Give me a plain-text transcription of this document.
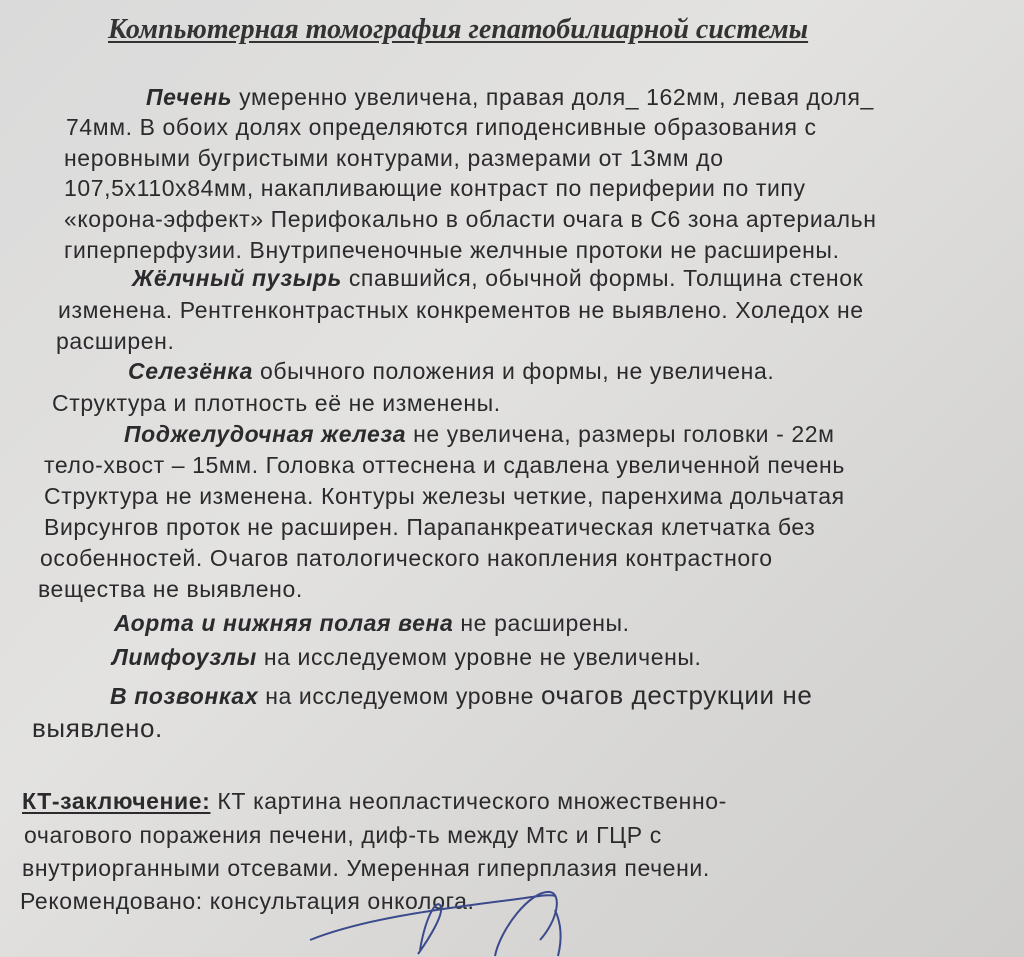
Компьютерная томография гепатобилиарной системы
Печень умеренно увеличена, правая доля_ 162мм, левая доля_
74мм. В обоих долях определяются гиподенсивные образования с
неровными бугристыми контурами, размерами от 13мм до
107,5х110х84мм, накапливающие контраст по периферии по типу
«корона-эффект» Перифокально в области очага в С6 зона артериальн
гиперперфузии. Внутрипеченочные желчные протоки не расширены.
Жёлчный пузырь спавшийся, обычной формы. Толщина стенок
изменена. Рентгенконтрастных конкрементов не выявлено. Холедох не
расширен.
Селезёнка обычного положения и формы, не увеличена.
Структура и плотность её не изменены.
Поджелудочная железа не увеличена, размеры головки - 22м
тело-хвост – 15мм. Головка оттеснена и сдавлена увеличенной печень
Структура не изменена. Контуры железы четкие, паренхима дольчатая
Вирсунгов проток не расширен. Парапанкреатическая клетчатка без
особенностей. Очагов патологического накопления контрастного
вещества не выявлено.
Аорта и нижняя полая вена не расширены.
Лимфоузлы на исследуемом уровне не увеличены.
В позвонках на исследуемом уровне очагов деструкции не
выявлено.
КТ-заключение: КТ картина неопластического множественно-
очагового поражения печени, диф-ть между Мтс и ГЦР с
внутриорганными отсевами. Умеренная гиперплазия печени.
Рекомендовано: консультация онколога.
